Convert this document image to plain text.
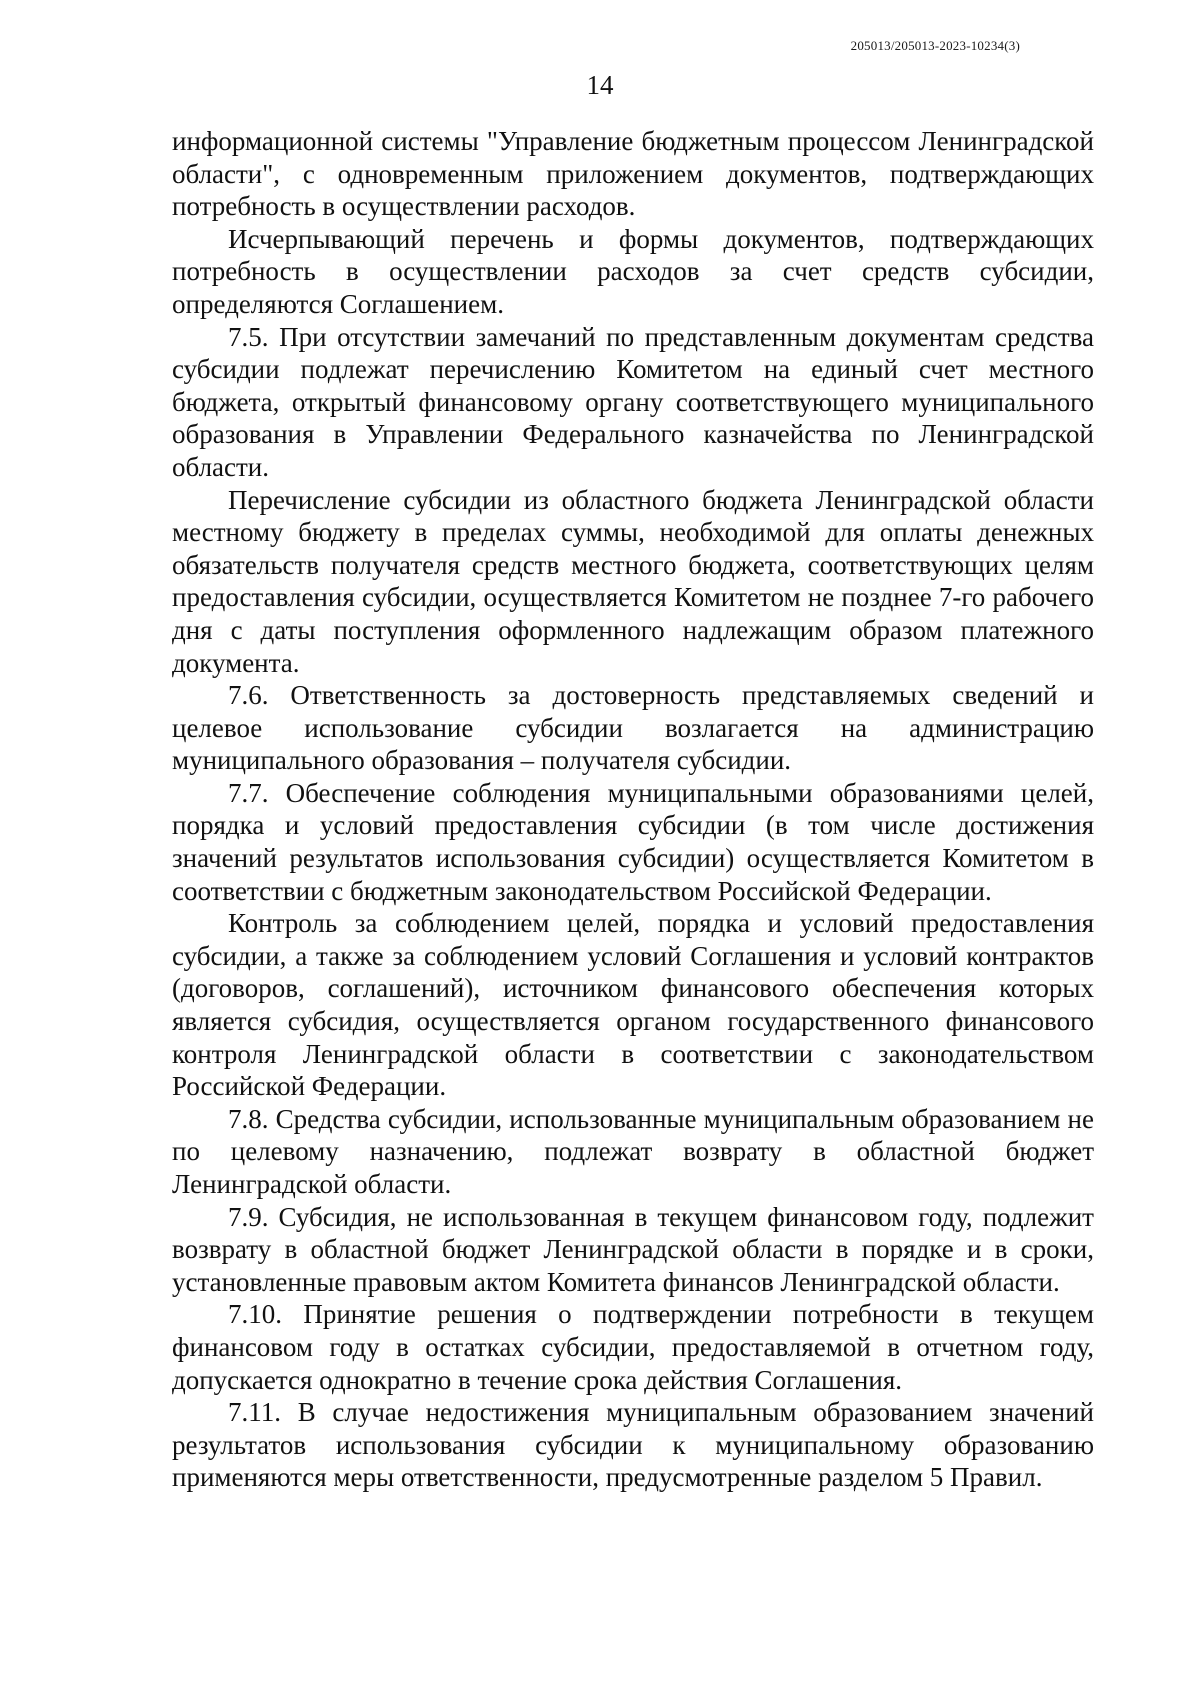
205013/205013-2023-10234(3)
14

информационной системы "Управление бюджетным процессом Ленинградской области", с одновременным приложением документов, подтверждающих потребность в осуществлении расходов.

Исчерпывающий перечень и формы документов, подтверждающих потребность в осуществлении расходов за счет средств субсидии, определяются Соглашением.

7.5. При отсутствии замечаний по представленным документам средства субсидии подлежат перечислению Комитетом на единый счет местного бюджета, открытый финансовому органу соответствующего муниципального образования в Управлении Федерального казначейства по Ленинградской области.

Перечисление субсидии из областного бюджета Ленинградской области местному бюджету в пределах суммы, необходимой для оплаты денежных обязательств получателя средств местного бюджета, соответствующих целям предоставления субсидии, осуществляется Комитетом не позднее 7-го рабочего дня с даты поступления оформленного надлежащим образом платежного документа.

7.6. Ответственность за достоверность представляемых сведений и целевое использование субсидии возлагается на администрацию муниципального образования – получателя субсидии.

7.7. Обеспечение соблюдения муниципальными образованиями целей, порядка и условий предоставления субсидии (в том числе достижения значений результатов использования субсидии) осуществляется Комитетом в соответствии с бюджетным законодательством Российской Федерации.

Контроль за соблюдением целей, порядка и условий предоставления субсидии, а также за соблюдением условий Соглашения и условий контрактов (договоров, соглашений), источником финансового обеспечения которых является субсидия, осуществляется органом государственного финансового контроля Ленинградской области в соответствии с законодательством Российской Федерации.

7.8. Средства субсидии, использованные муниципальным образованием не по целевому назначению, подлежат возврату в областной бюджет Ленинградской области.

7.9. Субсидия, не использованная в текущем финансовом году, подлежит возврату в областной бюджет Ленинградской области в порядке и в сроки, установленные правовым актом Комитета финансов Ленинградской области.

7.10. Принятие решения о подтверждении потребности в текущем финансовом году в остатках субсидии, предоставляемой в отчетном году, допускается однократно в течение срока действия Соглашения.

7.11. В случае недостижения муниципальным образованием значений результатов использования субсидии к муниципальному образованию применяются меры ответственности, предусмотренные разделом 5 Правил.
